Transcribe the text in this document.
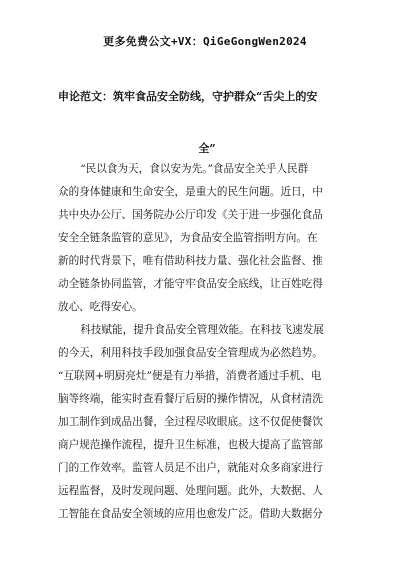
更多免费公文+VX：QiGeGongWen2024
申论范文：筑牢食品安全防线，守护群众“舌尖上的安
全”
“民以食为天，食以安为先。”食品安全关乎人民群
众的身体健康和生命安全，是重大的民生问题。近日，中
共中央办公厅、国务院办公厅印发《关于进一步强化食品
安全全链条监管的意见》，为食品安全监管指明方向。在
新的时代背景下，唯有借助科技力量、强化社会监督、推
动全链条协同监管，才能守牢食品安全底线，让百姓吃得
放心、吃得安心。
科技赋能，提升食品安全管理效能。在科技飞速发展
的今天，利用科技手段加强食品安全管理成为必然趋势。
“互联网+明厨亮灶”便是有力举措，消费者通过手机、电
脑等终端，能实时查看餐厅后厨的操作情况，从食材清洗
加工制作到成品出餐，全过程尽收眼底。这不仅促使餐饮
商户规范操作流程，提升卫生标准，也极大提高了监管部
门的工作效率。监管人员足不出户，就能对众多商家进行
远程监督，及时发现问题、处理问题。此外，大数据、人
工智能在食品安全领域的应用也愈发广泛。借助大数据分
